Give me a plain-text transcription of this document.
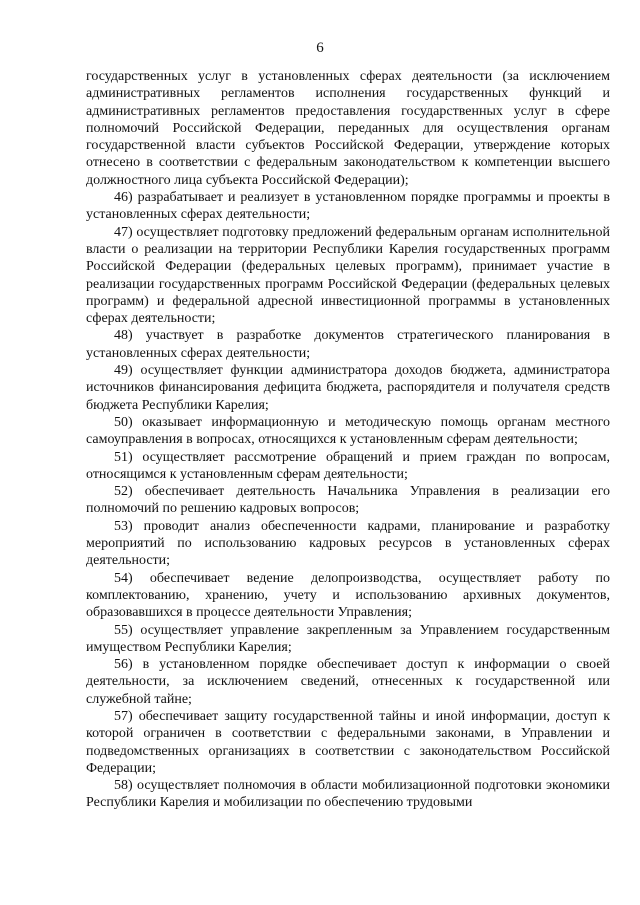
6

государственных услуг в установленных сферах деятельности (за исключением административных регламентов исполнения государственных функций и административных регламентов предоставления государственных услуг в сфере полномочий Российской Федерации, переданных для осуществления органам государственной власти субъектов Российской Федерации, утверждение которых отнесено в соответствии с федеральным законодательством к компетенции высшего должностного лица субъекта Российской Федерации);

46) разрабатывает и реализует в установленном порядке программы и проекты в установленных сферах деятельности;

47) осуществляет подготовку предложений федеральным органам исполнительной власти о реализации на территории Республики Карелия государственных программ Российской Федерации (федеральных целевых программ), принимает участие в реализации государственных программ Российской Федерации (федеральных целевых программ) и федеральной адресной инвестиционной программы в установленных сферах деятельности;

48) участвует в разработке документов стратегического планирования в установленных сферах деятельности;

49) осуществляет функции администратора доходов бюджета, администратора источников финансирования дефицита бюджета, распорядителя и получателя средств бюджета Республики Карелия;

50) оказывает информационную и методическую помощь органам местного самоуправления в вопросах, относящихся к установленным сферам деятельности;

51) осуществляет рассмотрение обращений и прием граждан по вопросам, относящимся к установленным сферам деятельности;

52) обеспечивает деятельность Начальника Управления в реализации его полномочий по решению кадровых вопросов;

53) проводит анализ обеспеченности кадрами, планирование и разработку мероприятий по использованию кадровых ресурсов в установленных сферах деятельности;

54) обеспечивает ведение делопроизводства, осуществляет работу по комплектованию, хранению, учету и использованию архивных документов, образовавшихся в процессе деятельности Управления;

55) осуществляет управление закрепленным за Управлением государственным имуществом Республики Карелия;

56) в установленном порядке обеспечивает доступ к информации о своей деятельности, за исключением сведений, отнесенных к государственной или служебной тайне;

57) обеспечивает защиту государственной тайны и иной информации, доступ к которой ограничен в соответствии с федеральными законами, в Управлении и подведомственных организациях в соответствии с законодательством Российской Федерации;

58) осуществляет полномочия в области мобилизационной подготовки экономики Республики Карелия и мобилизации по обеспечению трудовыми
